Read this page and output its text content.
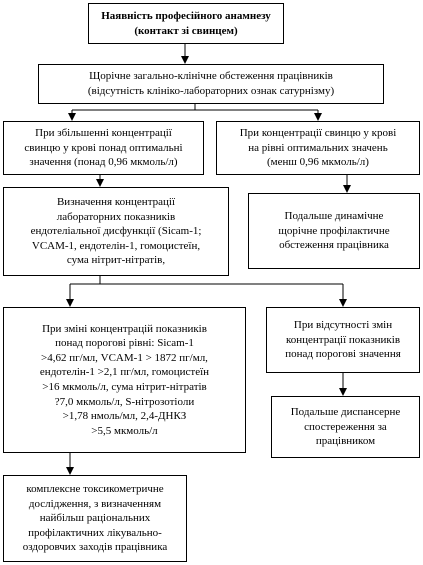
Наявність професійного анамнезу
(контакт зі свинцем)
Щорічне загально-клінічне обстеження працівників
(відсутність клініко-лабораторних ознак сатурнізму)
При збільшенні концентрації
свинцю у крові понад оптимальні
значення (понад 0,96 мкмоль/л)
При концентрації свинцю у крові
на рівні оптимальних значень
(менш 0,96 мкмоль/л)
Визначення концентрації
лабораторних показників
ендотеліальної дисфункції (Sicam-1;
VCAM-1, ендотелін-1, гомоцистеїн,
сума нітрит-нітратів,
Подальше динамічне
щорічне профілактичне
обстеження працівника
При зміні концентрацій показників
понад порогові рівні: Sicam-1
>4,62 пг/мл, VCAM-1 > 1872 пг/мл,
ендотелін-1 >2,1 пг/мл, гомоцистеїн
>16 мкмоль/л, сума нітрит-нітратів
?7,0 мкмоль/л, S-нітрозотіоли
>1,78 нмоль/мл, 2,4-ДНКЗ
>5,5 мкмоль/л
При відсутності змін
концентрації показників
понад порогові значення
Подальше диспансерне
спостереження за
працівником
комплексне токсикометричне
дослідження, з визначенням
найбільш раціональних
профілактичних лікувально-
оздоровчих заходів працівника
